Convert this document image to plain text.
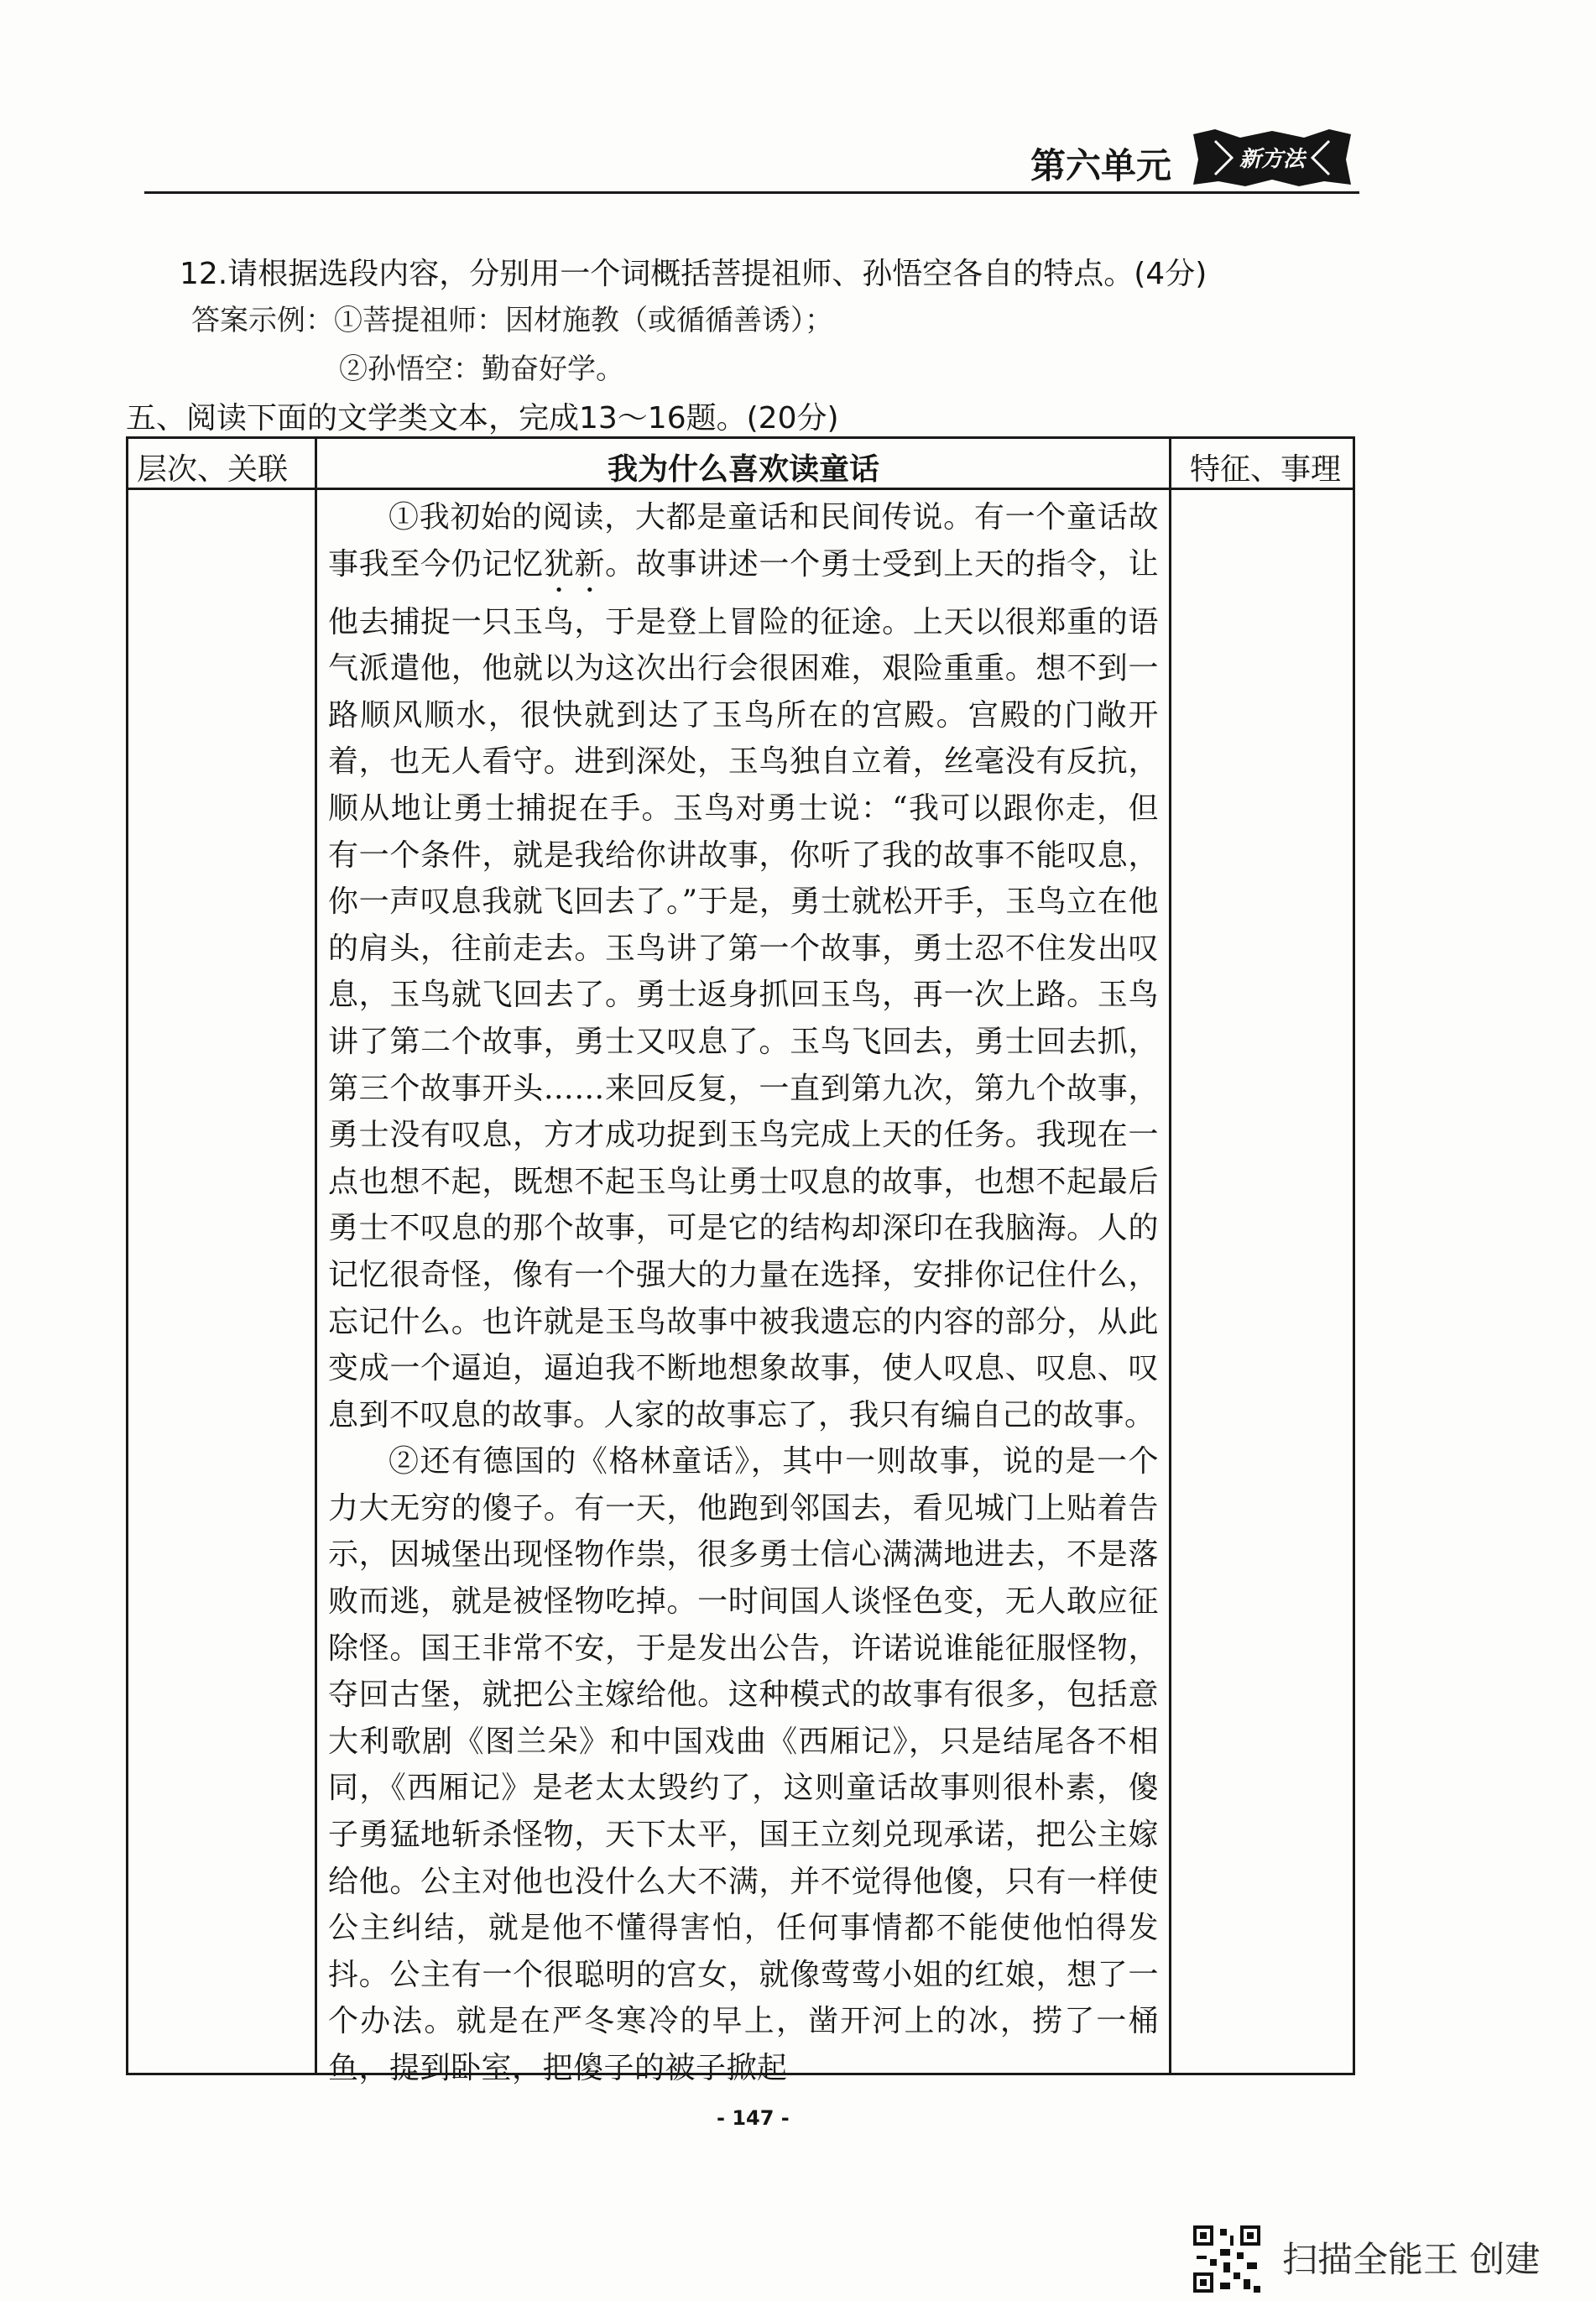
第六单元	新方法
12.请根据选段内容，分别用一个词概括菩提祖师、孙悟空各自的特点。(4分)
答案示例：①菩提祖师：因材施教（或循循善诱）；
②孙悟空：勤奋好学。
五、阅读下面的文学类文本，完成13～16题。(20分)
层次、关联	我为什么喜欢读童话	特征、事理

①我初始的阅读，大都是童话和民间传说。有一个童话故事我至今仍记忆犹新。故事讲述一个勇士受到上天的指令，让他去捕捉一只玉鸟，于是登上冒险的征途。上天以很郑重的语气派遣他，他就以为这次出行会很困难，艰险重重。想不到一路顺风顺水，很快就到达了玉鸟所在的宫殿。宫殿的门敞开着，也无人看守。进到深处，玉鸟独自立着，丝毫没有反抗，顺从地让勇士捕捉在手。玉鸟对勇士说：“我可以跟你走，但有一个条件，就是我给你讲故事，你听了我的故事不能叹息，你一声叹息我就飞回去了。”于是，勇士就松开手，玉鸟立在他的肩头，往前走去。玉鸟讲了第一个故事，勇士忍不住发出叹息，玉鸟就飞回去了。勇士返身抓回玉鸟，再一次上路。玉鸟讲了第二个故事，勇士又叹息了。玉鸟飞回去，勇士回去抓，第三个故事开头……来回反复，一直到第九次，第九个故事，勇士没有叹息，方才成功捉到玉鸟完成上天的任务。我现在一点也想不起，既想不起玉鸟让勇士叹息的故事，也想不起最后勇士不叹息的那个故事，可是它的结构却深印在我脑海。人的记忆很奇怪，像有一个强大的力量在选择，安排你记住什么，忘记什么。也许就是玉鸟故事中被我遗忘的内容的部分，从此变成一个逼迫，逼迫我不断地想象故事，使人叹息、叹息、叹息到不叹息的故事。人家的故事忘了，我只有编自己的故事。

②还有德国的《格林童话》，其中一则故事，说的是一个力大无穷的傻子。有一天，他跑到邻国去，看见城门上贴着告示，因城堡出现怪物作祟，很多勇士信心满满地进去，不是落败而逃，就是被怪物吃掉。一时间国人谈怪色变，无人敢应征除怪。国王非常不安，于是发出公告，许诺说谁能征服怪物，夺回古堡，就把公主嫁给他。这种模式的故事有很多，包括意大利歌剧《图兰朵》和中国戏曲《西厢记》，只是结尾各不相同，《西厢记》是老太太毁约了，这则童话故事则很朴素，傻子勇猛地斩杀怪物，天下太平，国王立刻兑现承诺，把公主嫁给他。公主对他也没什么大不满，并不觉得他傻，只有一样使公主纠结，就是他不懂得害怕，任何事情都不能使他怕得发抖。公主有一个很聪明的宫女，就像莺莺小姐的红娘，想了一个办法。就是在严冬寒冷的早上，凿开河上的冰，捞了一桶鱼，提到卧室，把傻子的被子掀起

- 147 -
扫描全能王 创建
